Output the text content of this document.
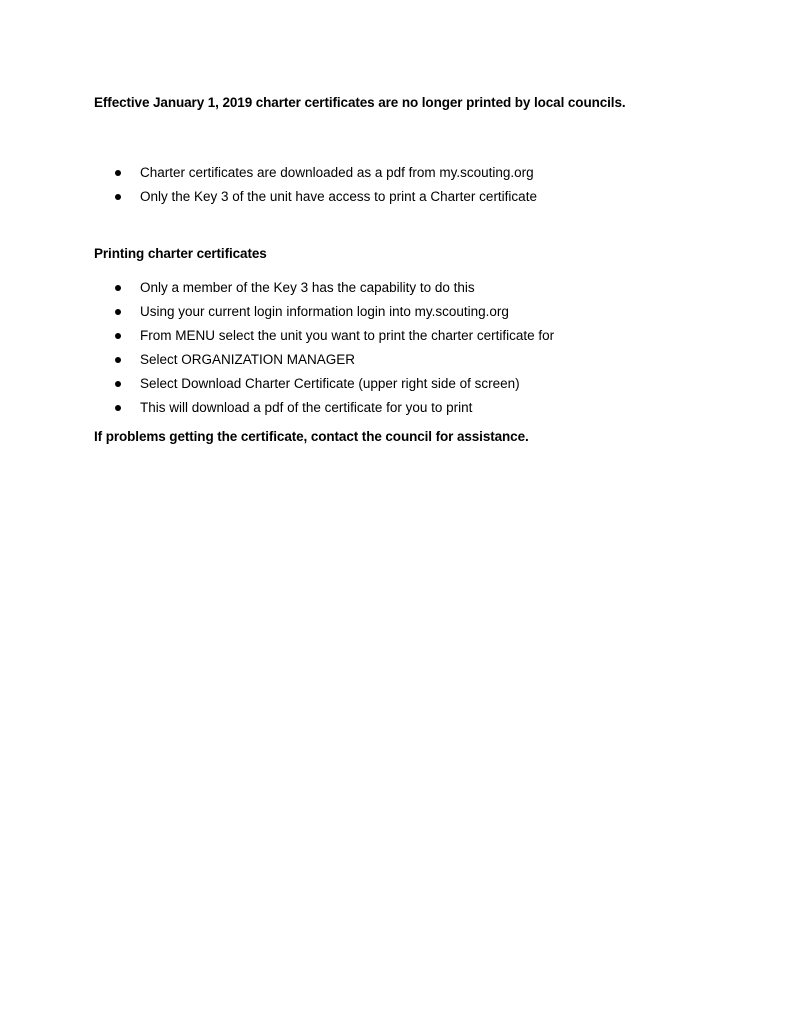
Effective January 1, 2019 charter certificates are no longer printed by local councils.
Charter certificates are downloaded as a pdf from my.scouting.org
Only the Key 3 of the unit have access to print a Charter certificate
Printing charter certificates
Only a member of the Key 3 has the capability to do this
Using your current login information login into my.scouting.org
From MENU select the unit you want to print the charter certificate for
Select ORGANIZATION MANAGER
Select Download Charter Certificate (upper right side of screen)
This will download a pdf of the certificate for you to print
If problems getting the certificate, contact the council for assistance.
